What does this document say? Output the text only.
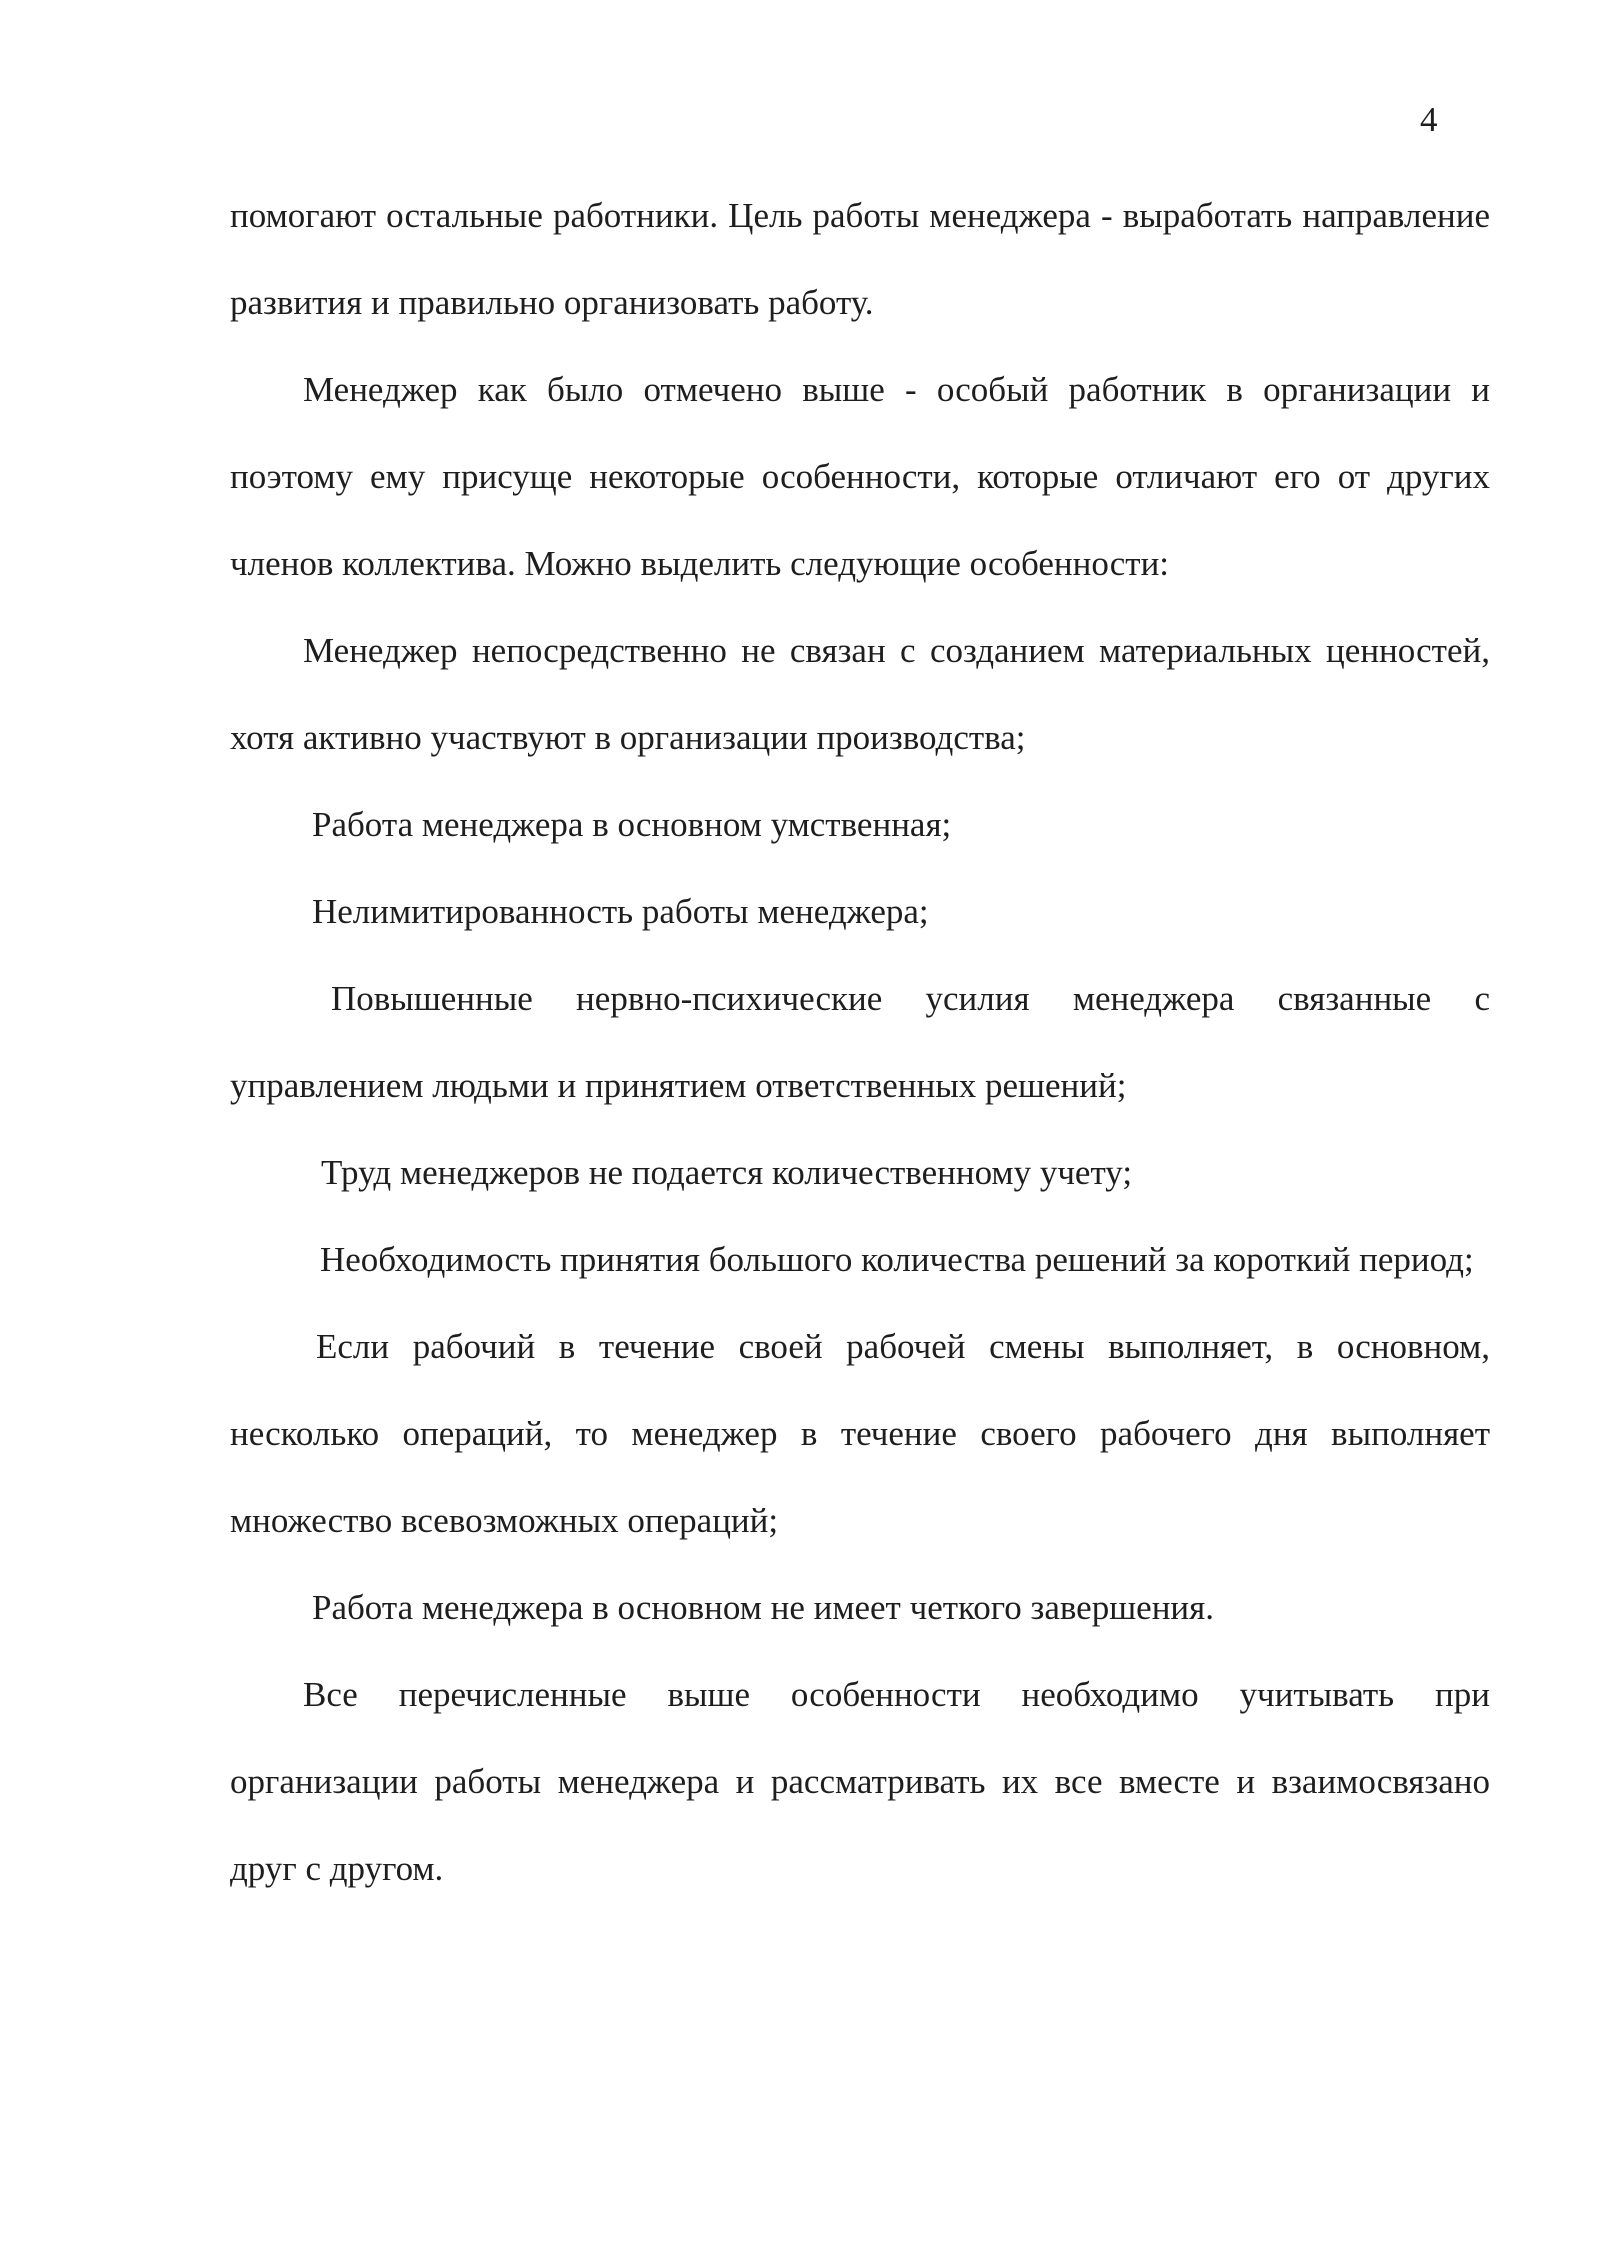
4

помогают остальные работники. Цель работы менеджера - выработать направление развития и правильно организовать работу.

Менеджер как было отмечено выше - особый работник в организации и поэтому ему присуще некоторые особенности, которые отличают его от других членов коллектива. Можно выделить следующие особенности:

Менеджер непосредственно не связан с созданием материальных ценностей, хотя активно участвуют в организации производства;

Работа менеджера в основном умственная;

Нелимитированность работы менеджера;

Повышенные нервно-психические усилия менеджера связанные с управлением людьми и принятием ответственных решений;

Труд менеджеров не подается количественному учету;

Необходимость принятия большого количества решений за короткий период;

Если рабочий в течение своей рабочей смены выполняет, в основном, несколько операций, то менеджер в течение своего рабочего дня выполняет множество всевозможных операций;

Работа менеджера в основном не имеет четкого завершения.

Все перечисленные выше особенности необходимо учитывать при организации работы менеджера и рассматривать их все вместе и взаимосвязано друг с другом.
